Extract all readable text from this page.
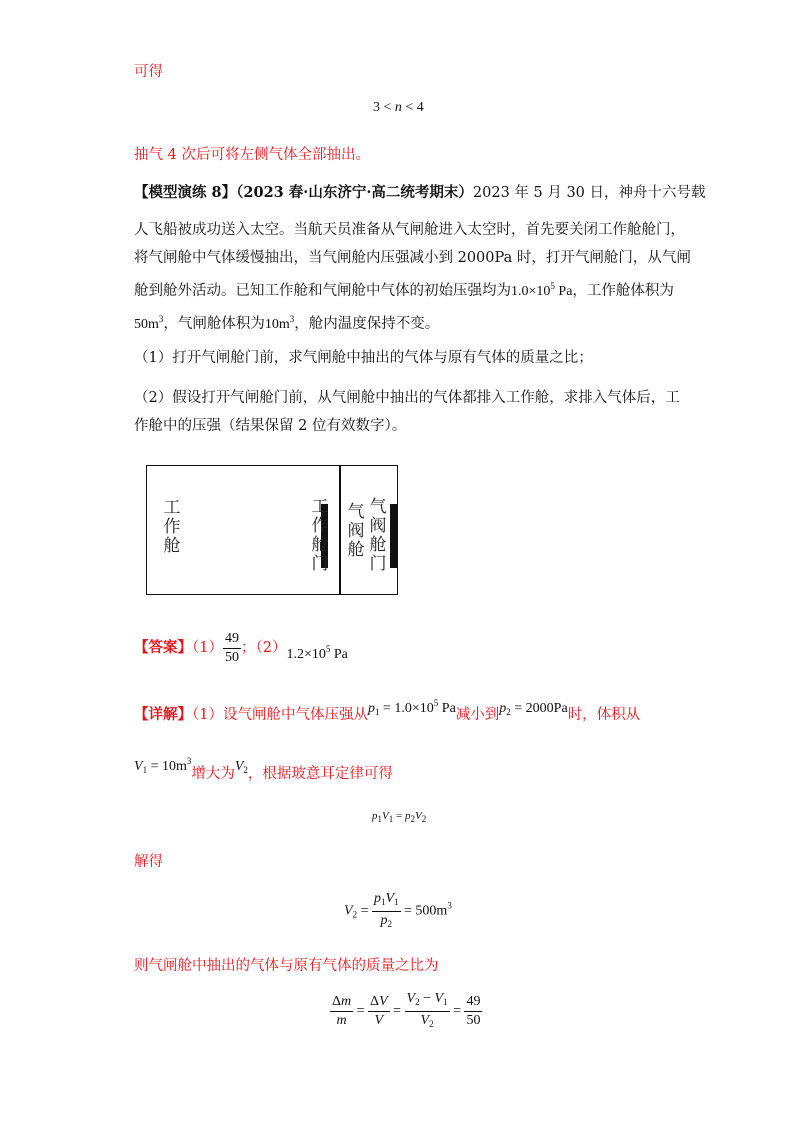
可得
3 < n < 4
抽气 4 次后可将左侧气体全部抽出。
【模型演练 8】（2023 春·山东济宁·高二统考期末）2023 年 5 月 30 日，神舟十六号载
人飞船被成功送入太空。当航天员准备从气闸舱进入太空时，首先要关闭工作舱舱门，
将气闸舱中气体缓慢抽出，当气闸舱内压强减小到 2000Pa 时，打开气闸舱门，从气闸
舱到舱外活动。已知工作舱和气闸舱中气体的初始压强均为$1.0\times 10^5$ Pa，工作舱体积为
$50m^3$，气闸舱体积为$10m^3$，舱内温度保持不变。
（1）打开气闸舱门前，求气闸舱中抽出的气体与原有气体的质量之比；
（2）假设打开气闸舱门前，从气闸舱中抽出的气体都排入工作舱，求排入气体后，工
作舱中的压强（结果保留 2 位有效数字）。
工
作
舱
工
作
舱
门
气
阀
舱
气
阀
舱
门
【答案】$(1) \frac{49}{50}$ ；$(2)1.2\times 10^5$ Pa
【详解】（1）设气闸舱中气体压强从$p_1 = 1.0\times 10^5$ Pa减小到$p_2 = 2000Pa$时，体积从
$V_1 = 10m^3$增大为$V_2$，根据玻意耳定律可得
$p_1V_1 = p_2V_2$
解得
$V_2 = \frac{p_1V_1}{p_2} = 500m^3$
则气闸舱中抽出的气体与原有气体的质量之比为
$\frac{\Delta m}{m} = \frac{\Delta V}{V} = \frac{V_2 - V_1}{V_2} = \frac{49}{50}$
